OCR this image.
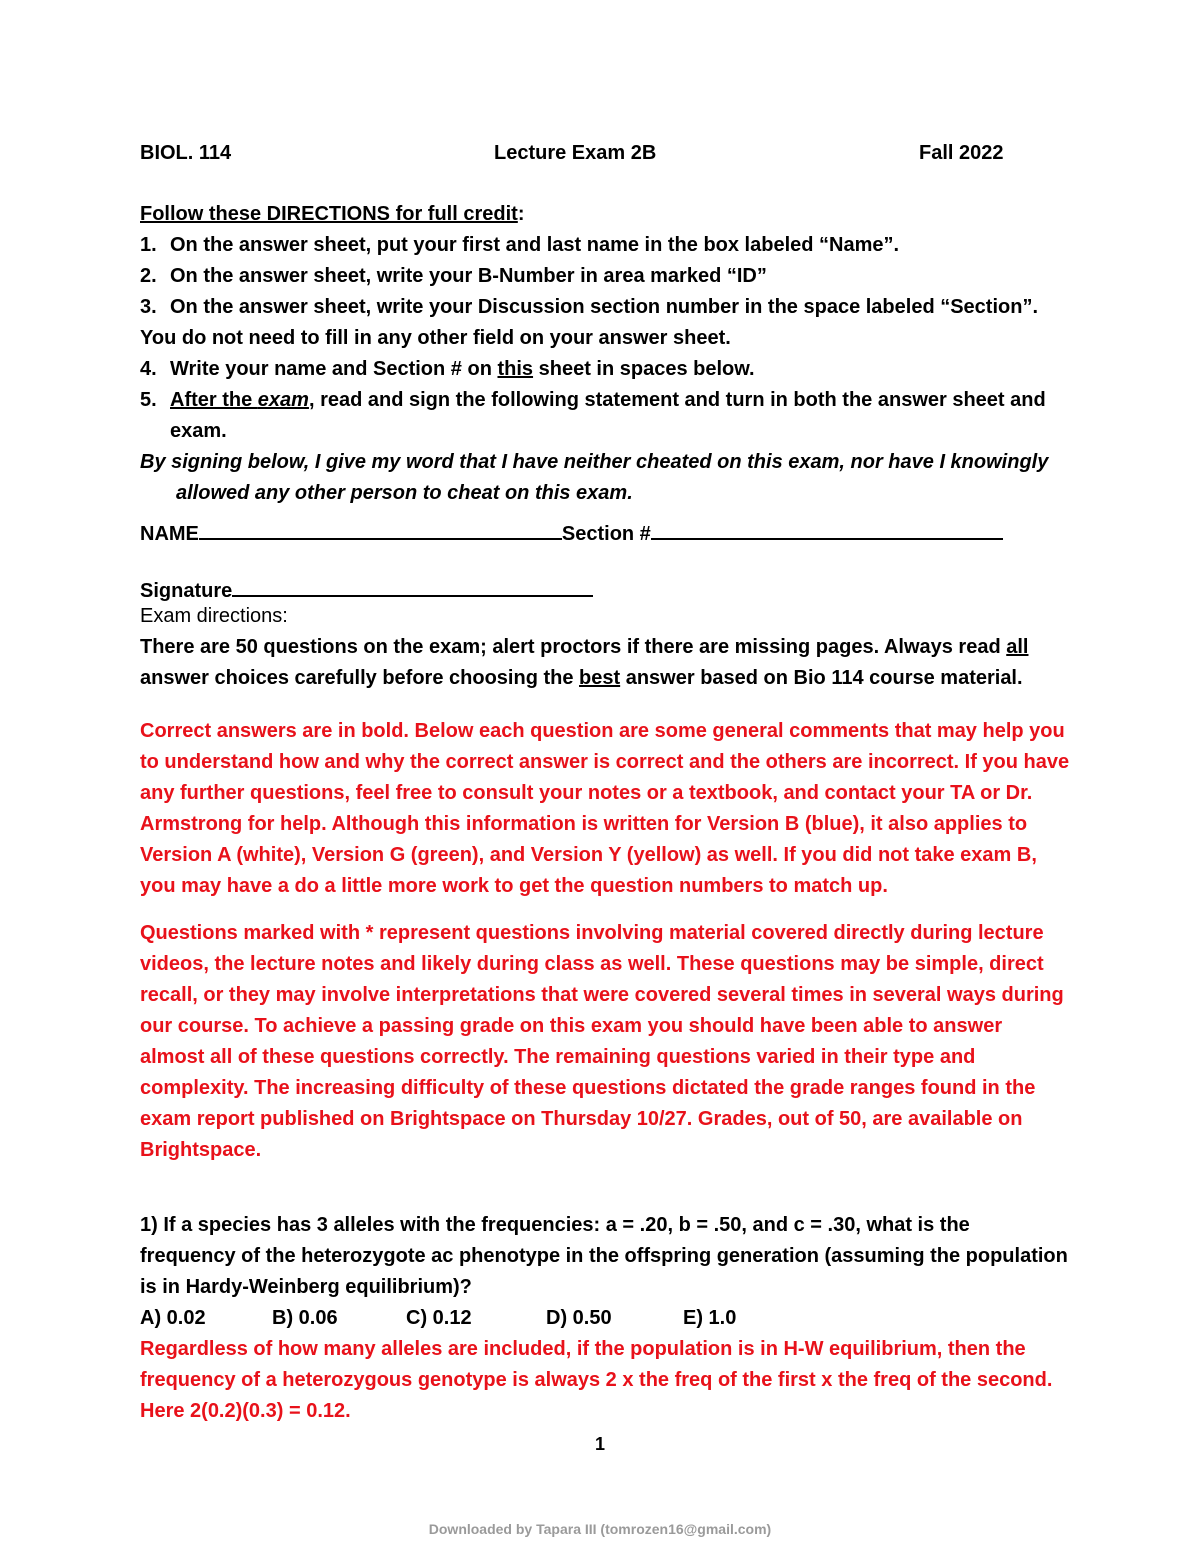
BIOL. 114	Lecture Exam 2B	Fall 2022
Follow these DIRECTIONS for full credit:
1. On the answer sheet, put your first and last name in the box labeled “Name”.
2. On the answer sheet, write your B-Number in area marked “ID”
3. On the answer sheet, write your Discussion section number in the space labeled “Section”.
You do not need to fill in any other field on your answer sheet.
4. Write your name and Section # on this sheet in spaces below.
5. After the exam, read and sign the following statement and turn in both the answer sheet and exam.
By signing below, I give my word that I have neither cheated on this exam, nor have I knowingly allowed any other person to cheat on this exam.
NAME	Section #
Signature
Exam directions:
There are 50 questions on the exam; alert proctors if there are missing pages. Always read all answer choices carefully before choosing the best answer based on Bio 114 course material.
Correct answers are in bold. Below each question are some general comments that may help you to understand how and why the correct answer is correct and the others are incorrect. If you have any further questions, feel free to consult your notes or a textbook, and contact your TA or Dr. Armstrong for help. Although this information is written for Version B (blue), it also applies to Version A (white), Version G (green), and Version Y (yellow) as well. If you did not take exam B, you may have a do a little more work to get the question numbers to match up.
Questions marked with * represent questions involving material covered directly during lecture videos, the lecture notes and likely during class as well. These questions may be simple, direct recall, or they may involve interpretations that were covered several times in several ways during our course. To achieve a passing grade on this exam you should have been able to answer almost all of these questions correctly. The remaining questions varied in their type and complexity. The increasing difficulty of these questions dictated the grade ranges found in the exam report published on Brightspace on Thursday 10/27. Grades, out of 50, are available on Brightspace.
1) If a species has 3 alleles with the frequencies: a = .20, b = .50, and c = .30, what is the frequency of the heterozygote ac phenotype in the offspring generation (assuming the population is in Hardy-Weinberg equilibrium)?
A) 0.02	B) 0.06	C) 0.12	D) 0.50	E) 1.0
Regardless of how many alleles are included, if the population is in H-W equilibrium, then the frequency of a heterozygous genotype is always 2 x the freq of the first x the freq of the second. Here 2(0.2)(0.3) = 0.12.
1
Downloaded by Tapara III (tomrozen16@gmail.com)
